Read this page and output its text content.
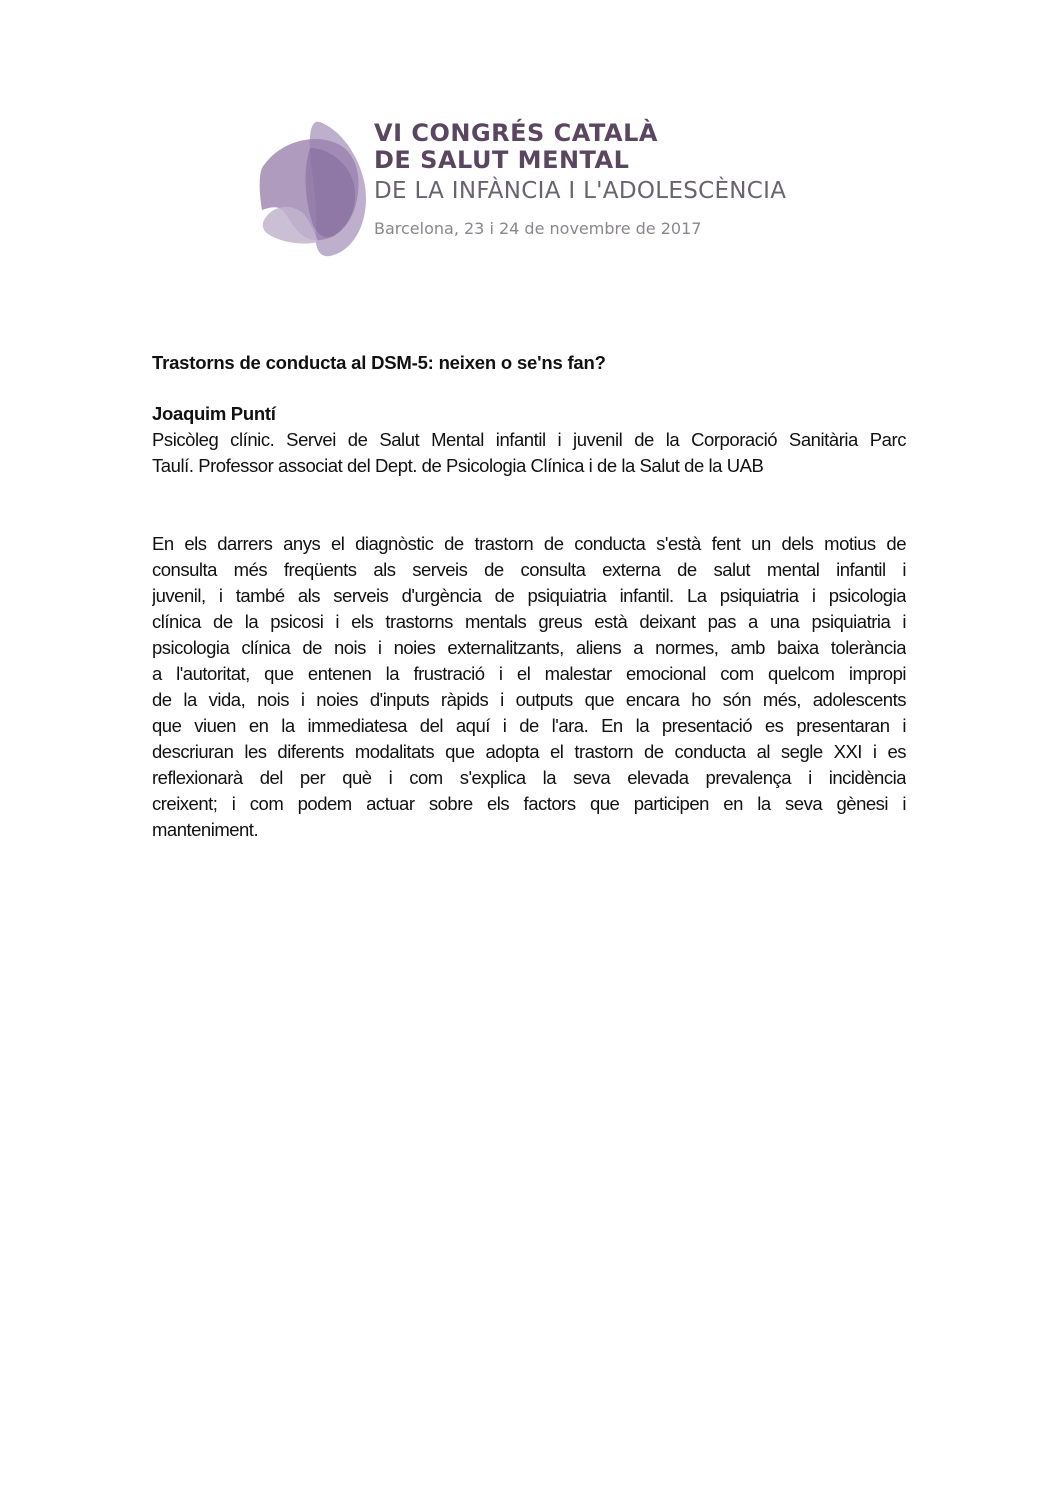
VI CONGRÉS CATALÀ
DE SALUT MENTAL
DE LA INFÀNCIA I L'ADOLESCÈNCIA
Barcelona, 23 i 24 de novembre de 2017
Trastorns de conducta al DSM-5: neixen o se'ns fan?
Joaquim Puntí
Psicòleg clínic. Servei de Salut Mental infantil i juvenil de la Corporació Sanitària Parc
Taulí. Professor associat del Dept. de Psicologia Clínica i de la Salut de la UAB
En els darrers anys el diagnòstic de trastorn de conducta s'està fent un dels motius de
consulta més freqüents als serveis de consulta externa de salut mental infantil i
juvenil, i també als serveis d'urgència de psiquiatria infantil. La psiquiatria i psicologia
clínica de la psicosi i els trastorns mentals greus està deixant pas a una psiquiatria i
psicologia clínica de nois i noies externalitzants, aliens a normes, amb baixa tolerància
a l'autoritat, que entenen la frustració i el malestar emocional com quelcom impropi
de la vida, nois i noies d'inputs ràpids i outputs que encara ho són més, adolescents
que viuen en la immediatesa del aquí i de l'ara. En la presentació es presentaran i
descriuran les diferents modalitats que adopta el trastorn de conducta al segle XXI i es
reflexionarà del per què i com s'explica la seva elevada prevalença i incidència
creixent; i com podem actuar sobre els factors que participen en la seva gènesi i
manteniment.
